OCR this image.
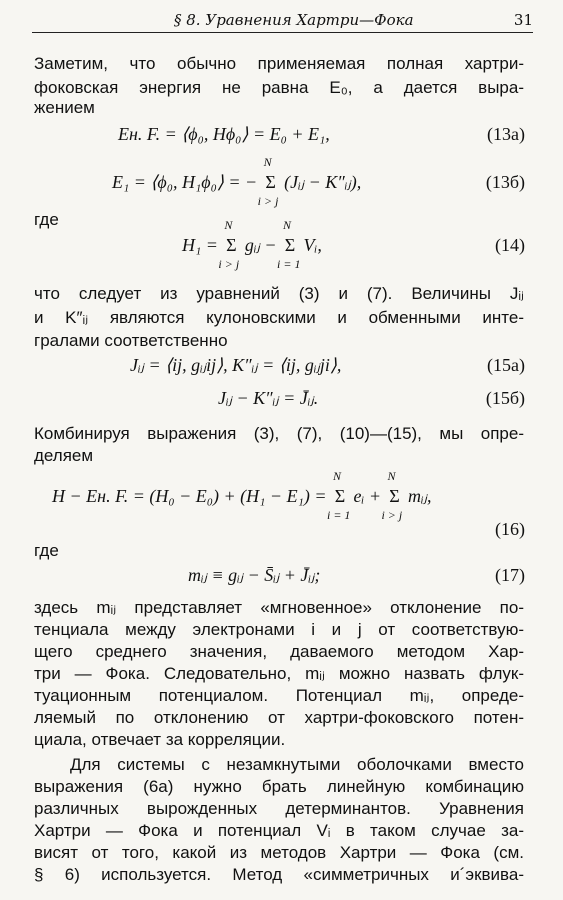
§ 8. Уравнения Хартри—Фока	31
Заметим, что обычно применяемая полная хартри-
фоковская энергия не равна E₀, а дается выра-
жением
Eн. F. = ⟨ϕ₀, Hϕ₀⟩ = E₀ + E₁,	(13a)
E₁ = ⟨ϕ₀, H₁ϕ₀⟩ = −
N
Σ
i > j
(Jᵢⱼ − K″ᵢⱼ),	(13б)
где
H₁ =
N
Σ
i > j
gᵢⱼ −
N
Σ
i = 1
Vᵢ,	(14)
что следует из уравнений (3) и (7). Величины Jᵢⱼ
и K″ᵢⱼ являются кулоновскими и обменными инте-
гралами соответственно
Jᵢⱼ = ⟨ij, gᵢⱼij⟩, K″ᵢⱼ = ⟨ij, gᵢⱼji⟩,	(15a)
Jᵢⱼ − K″ᵢⱼ = J̄ᵢⱼ.	(15б)
Комбинируя выражения (3), (7), (10)—(15), мы опре-
деляем
H − Eн. F. = (H₀ − E₀) + (H₁ − E₁) =
N
Σ
i = 1
eᵢ +
N
Σ
i > j
mᵢⱼ,
(16)
где
mᵢⱼ ≡ gᵢⱼ − S̄ᵢⱼ + J̄ᵢⱼ;	(17)
здесь mᵢⱼ представляет «мгновенное» отклонение по-
тенциала между электронами i и j от соответствую-
щего среднего значения, даваемого методом Хар-
три — Фока. Следовательно, mᵢⱼ можно назвать флук-
туационным потенциалом. Потенциал mᵢⱼ, опреде-
ляемый по отклонению от хартри-фоковского потен-
циала, отвечает за корреляции.
Для системы с незамкнутыми оболочками вместо
выражения (6а) нужно брать линейную комбинацию
различных вырожденных детерминантов. Уравнения
Хартри — Фока и потенциал Vᵢ в таком случае за-
висят от того, какой из методов Хартри — Фока (см.
§ 6) используется. Метод «симметричных и´эквива-
